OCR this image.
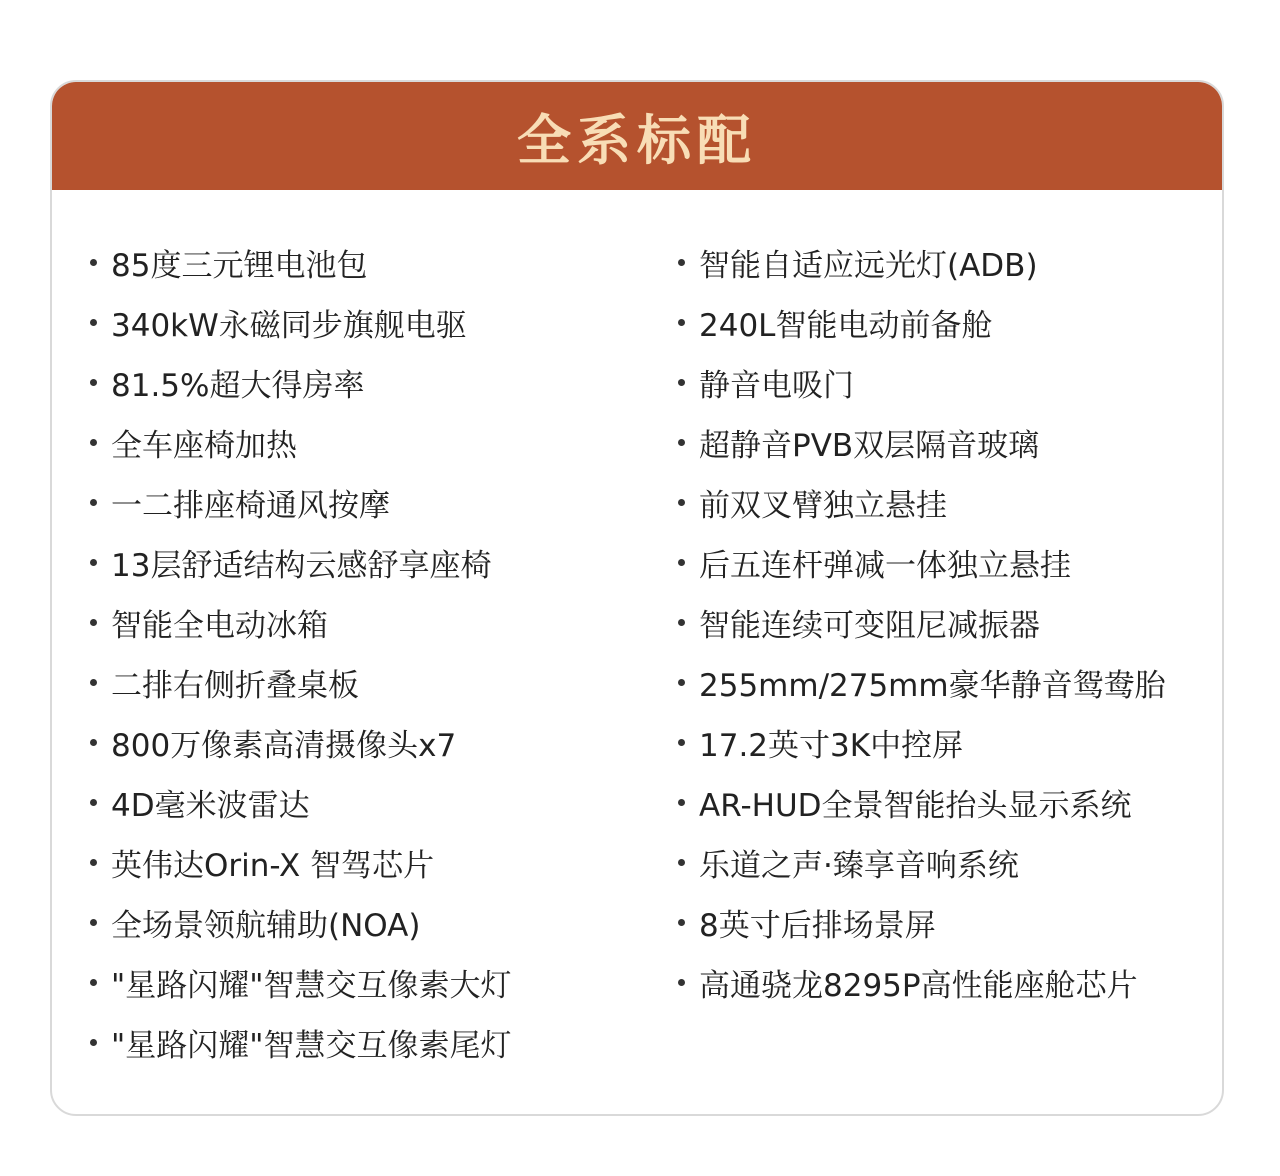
全系标配
85度三元锂电池包
340kW永磁同步旗舰电驱
81.5%超大得房率
全车座椅加热
一二排座椅通风按摩
13层舒适结构云感舒享座椅
智能全电动冰箱
二排右侧折叠桌板
800万像素高清摄像头x7
4D毫米波雷达
英伟达Orin-X 智驾芯片
全场景领航辅助(NOA)
"星路闪耀"智慧交互像素大灯
"星路闪耀"智慧交互像素尾灯
智能自适应远光灯(ADB)
240L智能电动前备舱
静音电吸门
超静音PVB双层隔音玻璃
前双叉臂独立悬挂
后五连杆弹减一体独立悬挂
智能连续可变阻尼减振器
255mm/275mm豪华静音鸳鸯胎
17.2英寸3K中控屏
AR-HUD全景智能抬头显示系统
乐道之声·臻享音响系统
8英寸后排场景屏
高通骁龙8295P高性能座舱芯片
